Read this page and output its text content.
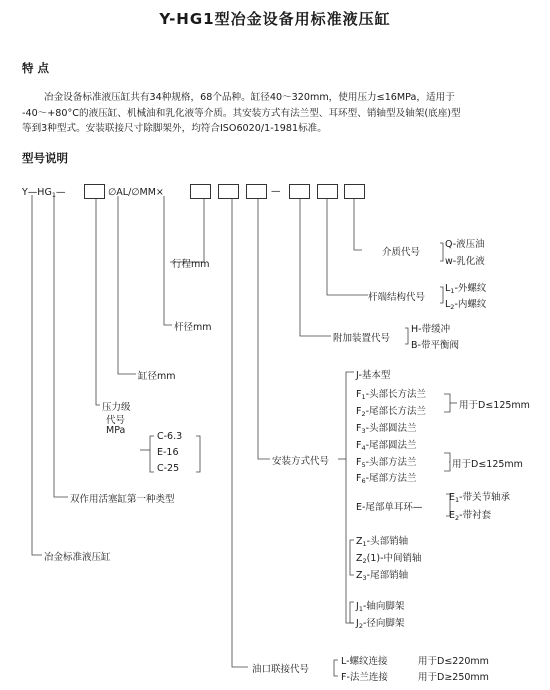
Y-HG1型冶金设备用标准液压缸
特 点

冶金设备标准液压缸共有34种规格，68个品种。缸径40～320mm，使用压力≤16MPa，适用于

-40～+80°C的液压缸、机械油和乳化液等介质。其安装方式有法兰型、耳环型、销轴型及轴架(底座)型

等到3种型式。安装联接尺寸除脚架外，均符合ISO6020/1-1981标准。

型号说明
$Y—HG_1—$	∅AL/∅MM×	—
介质代号
Q-液压油
w-乳化液
杆端结构代号
$L_1-$外螺纹
$L_2-$内螺纹
附加装置代号
H-带缓冲
B-带平衡阀
行程mm
杆径mm
缸径mm
压力级
代号
MPa
C-6.3
E-16
C-25
双作用活塞缸第一种类型
冶金标准液压缸
安装方式代号
J-基本型
$F_1-$头部长方法兰
$F_2-$尾部长方法兰
$F_3-$头部圆法兰
$F_4-$尾部圆法兰
$F_5-$头部方法兰
$F_6-$尾部方法兰
用于D≤125mm
用于D≤125mm
E-尾部单耳环—
$E_1-$带关节轴承
$E_2-$带衬套
$Z_1-$头部销轴
$Z_2(1)-$中间销轴
$Z_3-$尾部销轴
$J_1-$轴向脚架
$J_2-$径向脚架
油口联接代号
L-螺纹连接	用于D≤220mm
F-法兰连接	用于D≥250mm
